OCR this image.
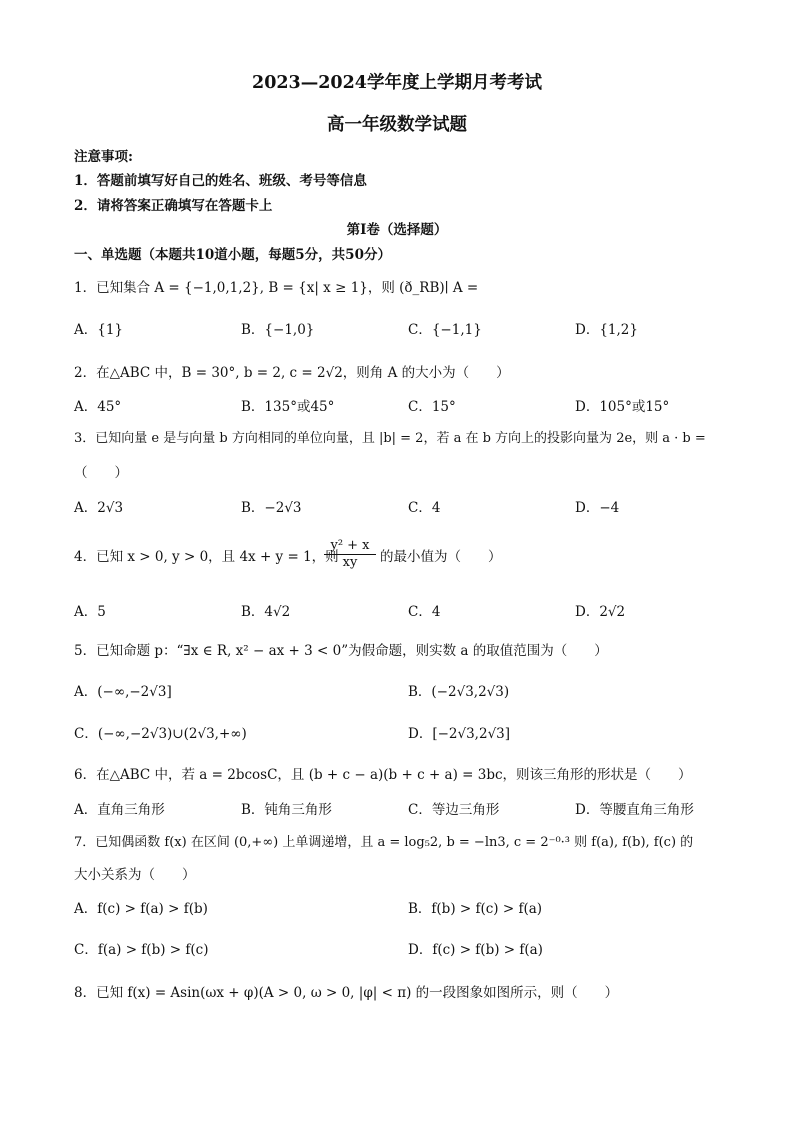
2023—2024学年度上学期月考考试
高一年级数学试题
注意事项:
1．答题前填写好自己的姓名、班级、考号等信息
2．请将答案正确填写在答题卡上
第Ⅰ卷（选择题）
一、单选题（本题共10道小题，每题5分，共50分）
1．已知集合 A = {−1,0,1,2}, B = {x| x ≥ 1}，则 (ð_RB)∣ A =
A．{1}	B．{−1,0}	C．{−1,1}	D．{1,2}
2．在△ABC 中，B = 30°, b = 2, c = 2√2，则角 A 的大小为（　　）
A．45°	B．135°或45°	C．15°	D．105°或15°
3．已知向量 e 是与向量 b 方向相同的单位向量，且 |b| = 2，若 a 在 b 方向上的投影向量为 2e，则 a · b =
（　　）
A．2√3	B．−2√3	C．4	D．−4
4．已知 x > 0, y > 0，且 4x + y = 1，则
$\frac{\text{y² + x}}{xy}$ 的最小值为（　　）
A．5	B．4√2	C．4	D．2√2
5．已知命题 p：“∃x ∈ R, x² − ax + 3 < 0”为假命题，则实数 a 的取值范围为（　　）
A．(−∞,−2√3]	B．(−2√3,2√3)
C．(−∞,−2√3)∪(2√3,+∞)	D．[−2√3,2√3]
6．在△ABC 中，若 a = 2bcosC，且 (b + c − a)(b + c + a) = 3bc，则该三角形的形状是（　　）
A．直角三角形	B．钝角三角形	C．等边三角形	D．等腰直角三角形
7．已知偶函数 f(x) 在区间 (0,+∞) 上单调递增，且 a = log₅2, b = −ln3, c = 2⁻⁰·³ 则 f(a), f(b), f(c) 的
大小关系为（　　）
A．f(c) > f(a) > f(b)	B．f(b) > f(c) > f(a)
C．f(a) > f(b) > f(c)	D．f(c) > f(b) > f(a)
8．已知 f(x) = Asin(ωx + φ)(A > 0, ω > 0, |φ| < π) 的一段图象如图所示，则（　　）
